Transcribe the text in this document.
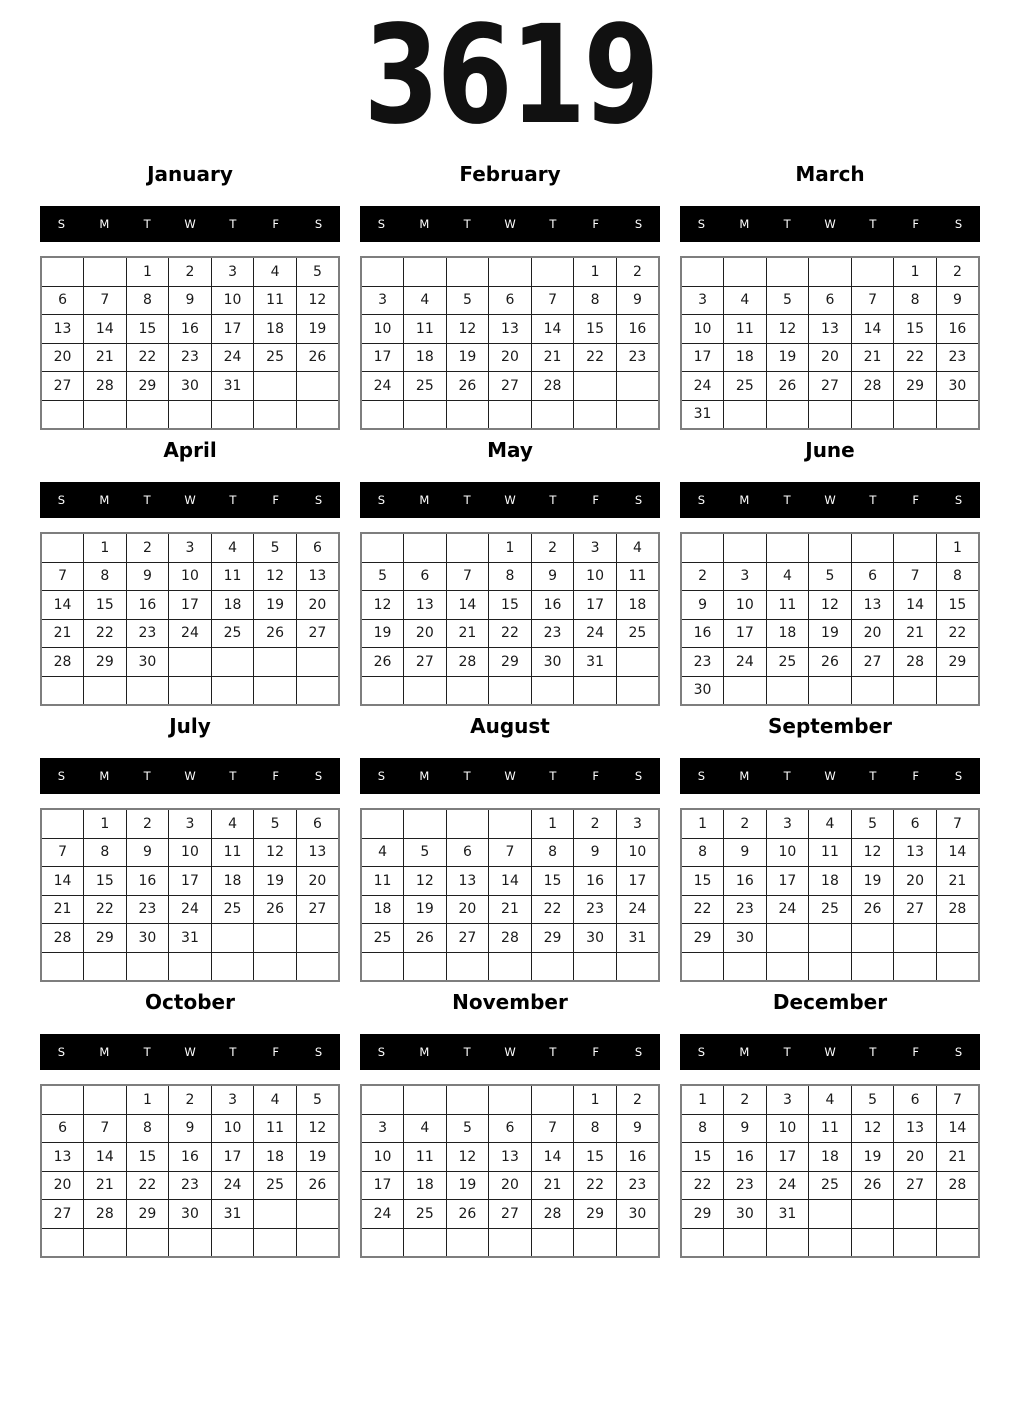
3619
January
S	M	T	W	T	F	S
		1	2	3	4	5
6	7	8	9	10	11	12
13	14	15	16	17	18	19
20	21	22	23	24	25	26
27	28	29	30	31		

February
S	M	T	W	T	F	S
					1	2
3	4	5	6	7	8	9
10	11	12	13	14	15	16
17	18	19	20	21	22	23
24	25	26	27	28		

March
S	M	T	W	T	F	S
					1	2
3	4	5	6	7	8	9
10	11	12	13	14	15	16
17	18	19	20	21	22	23
24	25	26	27	28	29	30
31						
April
S	M	T	W	T	F	S
	1	2	3	4	5	6
7	8	9	10	11	12	13
14	15	16	17	18	19	20
21	22	23	24	25	26	27
28	29	30				

May
S	M	T	W	T	F	S
			1	2	3	4
5	6	7	8	9	10	11
12	13	14	15	16	17	18
19	20	21	22	23	24	25
26	27	28	29	30	31	

June
S	M	T	W	T	F	S
						1
2	3	4	5	6	7	8
9	10	11	12	13	14	15
16	17	18	19	20	21	22
23	24	25	26	27	28	29
30						
July
S	M	T	W	T	F	S
	1	2	3	4	5	6
7	8	9	10	11	12	13
14	15	16	17	18	19	20
21	22	23	24	25	26	27
28	29	30	31			

August
S	M	T	W	T	F	S
				1	2	3
4	5	6	7	8	9	10
11	12	13	14	15	16	17
18	19	20	21	22	23	24
25	26	27	28	29	30	31

September
S	M	T	W	T	F	S
1	2	3	4	5	6	7
8	9	10	11	12	13	14
15	16	17	18	19	20	21
22	23	24	25	26	27	28
29	30					

October
S	M	T	W	T	F	S
		1	2	3	4	5
6	7	8	9	10	11	12
13	14	15	16	17	18	19
20	21	22	23	24	25	26
27	28	29	30	31		

November
S	M	T	W	T	F	S
					1	2
3	4	5	6	7	8	9
10	11	12	13	14	15	16
17	18	19	20	21	22	23
24	25	26	27	28	29	30

December
S	M	T	W	T	F	S
1	2	3	4	5	6	7
8	9	10	11	12	13	14
15	16	17	18	19	20	21
22	23	24	25	26	27	28
29	30	31				
